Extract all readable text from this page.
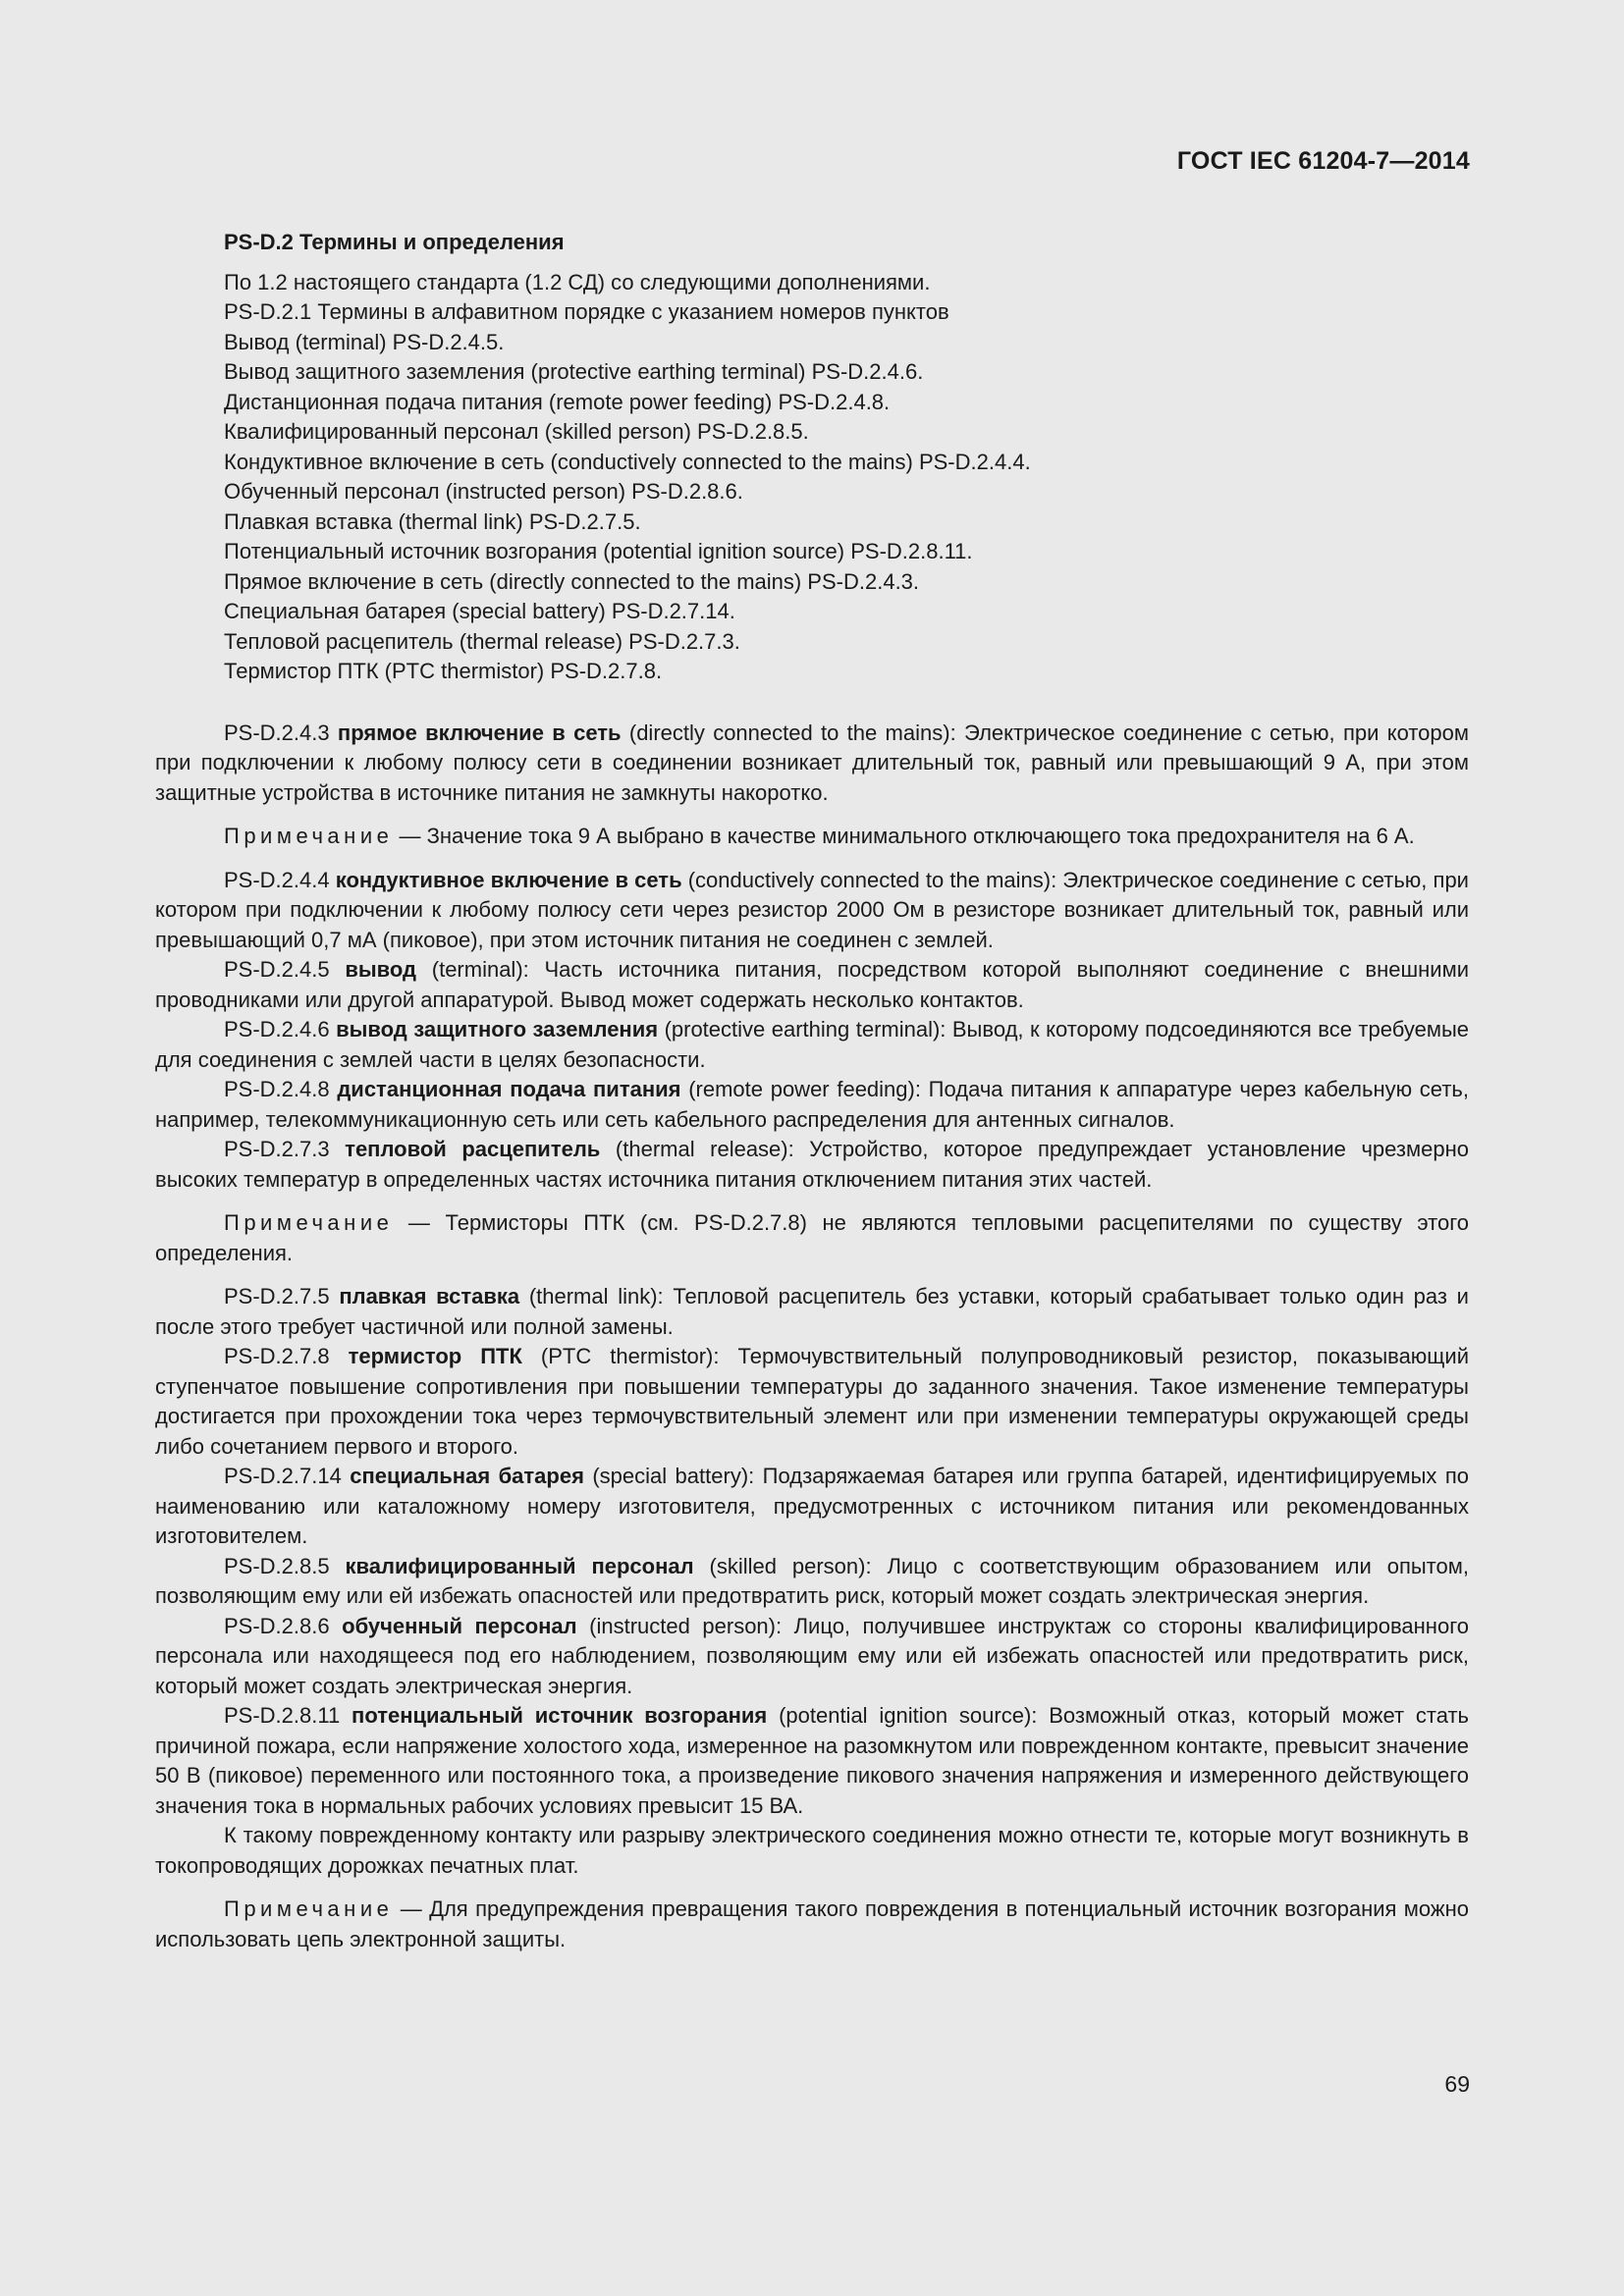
ГОСТ IEC 61204-7—2014
PS-D.2 Термины и определения
По 1.2 настоящего стандарта (1.2 СД) со следующими дополнениями.
PS-D.2.1 Термины в алфавитном порядке с указанием номеров пунктов
Вывод (terminal) PS-D.2.4.5.
Вывод защитного заземления (protective earthing terminal) PS-D.2.4.6.
Дистанционная подача питания (remote power feeding) PS-D.2.4.8.
Квалифицированный персонал (skilled person) PS-D.2.8.5.
Кондуктивное включение в сеть (conductively connected to the mains) PS-D.2.4.4.
Обученный персонал (instructed person) PS-D.2.8.6.
Плавкая вставка (thermal link) PS-D.2.7.5.
Потенциальный источник возгорания (potential ignition source) PS-D.2.8.11.
Прямое включение в сеть (directly connected to the mains) PS-D.2.4.3.
Специальная батарея (special battery) PS-D.2.7.14.
Тепловой расцепитель (thermal release) PS-D.2.7.3.
Термистор ПТК (PTC thermistor) PS-D.2.7.8.
PS-D.2.4.3 прямое включение в сеть (directly connected to the mains): Электрическое соединение с сетью, при котором при подключении к любому полюсу сети в соединении возникает длительный ток, равный или превышающий 9 А, при этом защитные устройства в источнике питания не замкнуты накоротко.
Примечание — Значение тока 9 А выбрано в качестве минимального отключающего тока предохранителя на 6 А.
PS-D.2.4.4 кондуктивное включение в сеть (conductively connected to the mains): Электрическое соединение с сетью, при котором при подключении к любому полюсу сети через резистор 2000 Ом в резисторе возникает длительный ток, равный или превышающий 0,7 мА (пиковое), при этом источник питания не соединен с землей.
PS-D.2.4.5 вывод (terminal): Часть источника питания, посредством которой выполняют соединение с внешними проводниками или другой аппаратурой. Вывод может содержать несколько контактов.
PS-D.2.4.6 вывод защитного заземления (protective earthing terminal): Вывод, к которому подсоединяются все требуемые для соединения с землей части в целях безопасности.
PS-D.2.4.8 дистанционная подача питания (remote power feeding): Подача питания к аппаратуре через кабельную сеть, например, телекоммуникационную сеть или сеть кабельного распределения для антенных сигналов.
PS-D.2.7.3 тепловой расцепитель (thermal release): Устройство, которое предупреждает установление чрезмерно высоких температур в определенных частях источника питания отключением питания этих частей.
Примечание — Термисторы ПТК (см. PS-D.2.7.8) не являются тепловыми расцепителями по существу этого определения.
PS-D.2.7.5 плавкая вставка (thermal link): Тепловой расцепитель без уставки, который срабатывает только один раз и после этого требует частичной или полной замены.
PS-D.2.7.8 термистор ПТК (PTC thermistor): Термочувствительный полупроводниковый резистор, показывающий ступенчатое повышение сопротивления при повышении температуры до заданного значения. Такое изменение температуры достигается при прохождении тока через термочувствительный элемент или при изменении температуры окружающей среды либо сочетанием первого и второго.
PS-D.2.7.14 специальная батарея (special battery): Подзаряжаемая батарея или группа батарей, идентифицируемых по наименованию или каталожному номеру изготовителя, предусмотренных с источником питания или рекомендованных изготовителем.
PS-D.2.8.5 квалифицированный персонал (skilled person): Лицо с соответствующим образованием или опытом, позволяющим ему или ей избежать опасностей или предотвратить риск, который может создать электрическая энергия.
PS-D.2.8.6 обученный персонал (instructed person): Лицо, получившее инструктаж со стороны квалифицированного персонала или находящееся под его наблюдением, позволяющим ему или ей избежать опасностей или предотвратить риск, который может создать электрическая энергия.
PS-D.2.8.11 потенциальный источник возгорания (potential ignition source): Возможный отказ, который может стать причиной пожара, если напряжение холостого хода, измеренное на разомкнутом или поврежденном контакте, превысит значение 50 В (пиковое) переменного или постоянного тока, а произведение пикового значения напряжения и измеренного действующего значения тока в нормальных рабочих условиях превысит 15 ВА.
К такому поврежденному контакту или разрыву электрического соединения можно отнести те, которые могут возникнуть в токопроводящих дорожках печатных плат.
Примечание — Для предупреждения превращения такого повреждения в потенциальный источник возгорания можно использовать цепь электронной защиты.
69
